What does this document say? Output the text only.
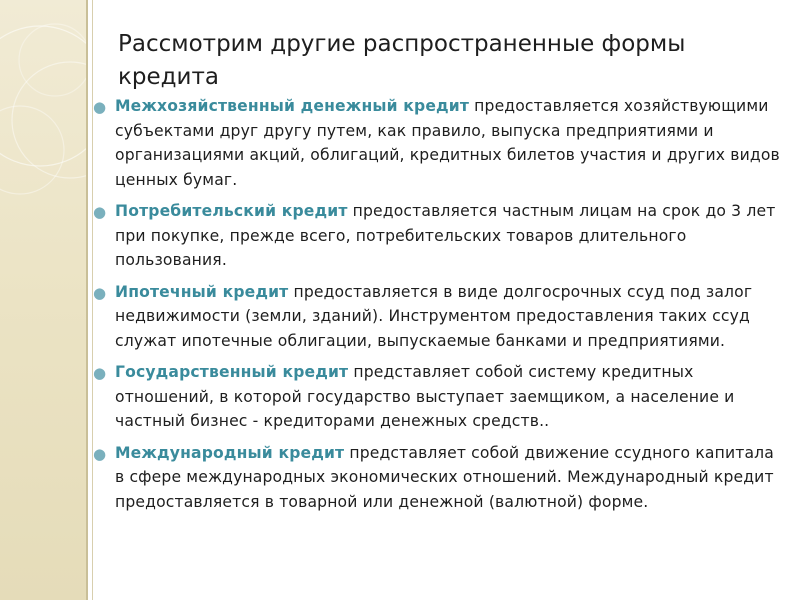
Рассмотрим другие распространенные формы кредита
● Межхозяйственный денежный кредит предоставляется хозяйствующими субъектами друг другу путем, как правило, выпуска предприятиями и организациями акций, облигаций, кредитных билетов участия и других видов ценных бумаг.
● Потребительский кредит предоставляется частным лицам на срок до 3 лет при покупке, прежде всего, потребительских товаров длительного пользования.
● Ипотечный кредит предоставляется в виде долгосрочных ссуд под залог недвижимости (земли, зданий). Инструментом предоставления таких ссуд служат ипотечные облигации, выпускаемые банками и предприятиями.
● Государственный кредит представляет собой систему кредитных отношений, в которой государство выступает заемщиком, а население и частный бизнес - кредиторами денежных средств..
● Международный кредит представляет собой движение ссудного капитала в сфере международных экономических отношений. Международный кредит предоставляется в товарной или денежной (валютной) форме.
